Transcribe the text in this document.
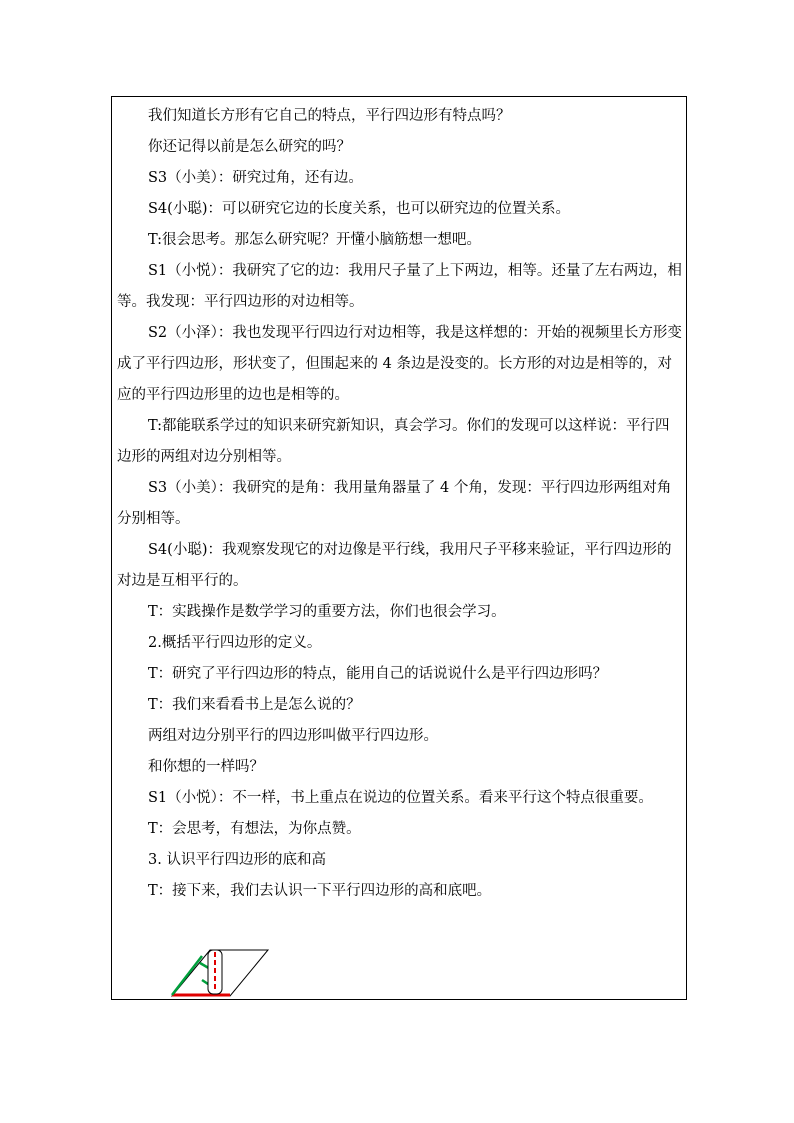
我们知道长方形有它自己的特点，平行四边形有特点吗？

你还记得以前是怎么研究的吗？

S3（小美）：研究过角，还有边。

S4(小聪)：可以研究它边的长度关系，也可以研究边的位置关系。

T:很会思考。那怎么研究呢？开懂小脑筋想一想吧。

S1（小悦）：我研究了它的边：我用尺子量了上下两边，相等。还量了左右两边，相等。我发现：平行四边形的对边相等。

S2（小泽）：我也发现平行四边行对边相等，我是这样想的：开始的视频里长方形变成了平行四边形，形状变了，但围起来的 4 条边是没变的。长方形的对边是相等的，对应的平行四边形里的边也是相等的。

T:都能联系学过的知识来研究新知识，真会学习。你们的发现可以这样说：平行四边形的两组对边分别相等。

S3（小美）：我研究的是角：我用量角器量了 4 个角，发现：平行四边形两组对角分别相等。

S4(小聪)：我观察发现它的对边像是平行线，我用尺子平移来验证，平行四边形的对边是互相平行的。

T：实践操作是数学学习的重要方法，你们也很会学习。

2.概括平行四边形的定义。

T：研究了平行四边形的特点，能用自己的话说说什么是平行四边形吗？

T：我们来看看书上是怎么说的？

两组对边分别平行的四边形叫做平行四边形。

和你想的一样吗？

S1（小悦）：不一样，书上重点在说边的位置关系。看来平行这个特点很重要。

T：会思考，有想法，为你点赞。

3. 认识平行四边形的底和高

T：接下来，我们去认识一下平行四边形的高和底吧。
